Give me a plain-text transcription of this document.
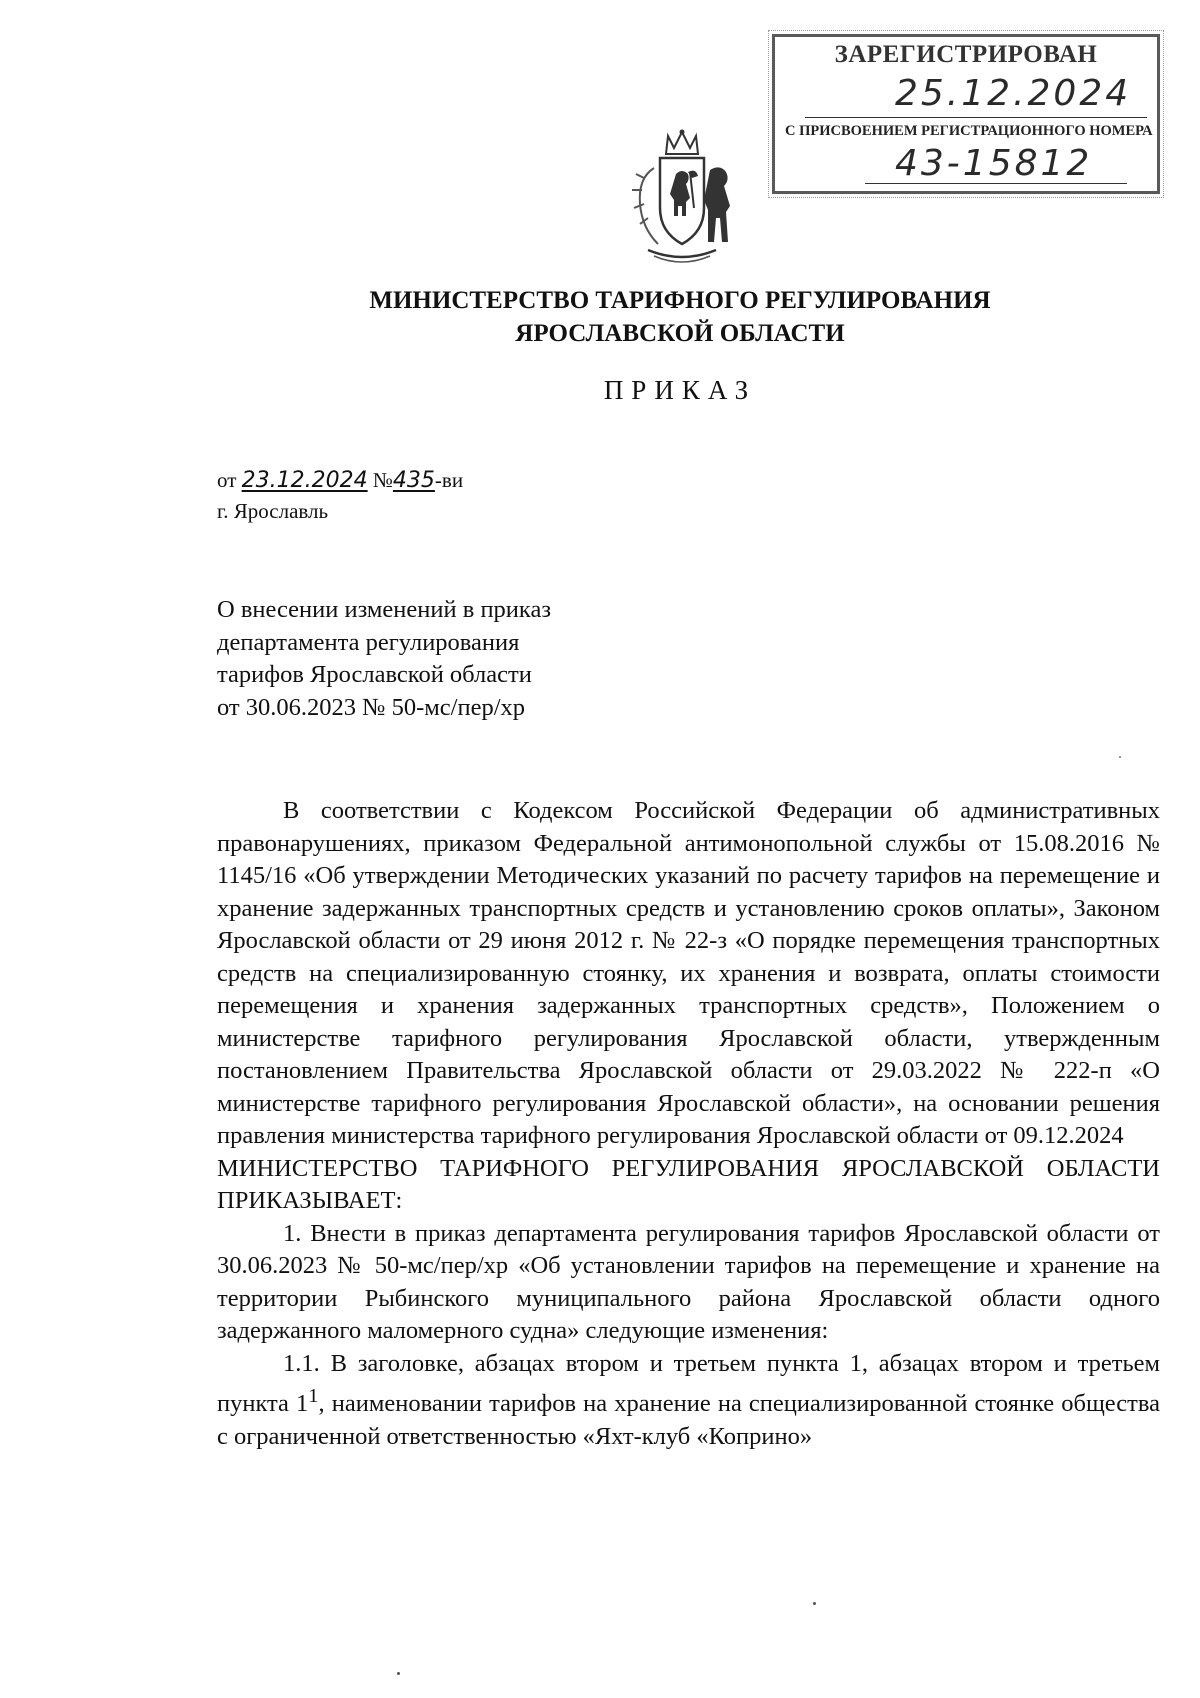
ЗАРЕГИСТРИРОВАН
25.12.2024
С ПРИСВОЕНИЕМ РЕГИСТРАЦИОННОГО НОМЕРА
43-15812
МИНИСТЕРСТВО ТАРИФНОГО РЕГУЛИРОВАНИЯ
ЯРОСЛАВСКОЙ ОБЛАСТИ
ПРИКАЗ
от 23.12.2024 №435-ви
г. Ярославль
О внесении изменений в приказ
департамента регулирования
тарифов Ярославской области
от 30.06.2023 № 50-мс/пер/хр

В соответствии с Кодексом Российской Федерации об административных правонарушениях, приказом Федеральной антимонопольной службы от 15.08.2016 № 1145/16 «Об утверждении Методических указаний по расчету тарифов на перемещение и хранение задержанных транспортных средств и установлению сроков оплаты», Законом Ярославской области от 29 июня 2012 г. № 22-з «О порядке перемещения транспортных средств на специализированную стоянку, их хранения и возврата, оплаты стоимости перемещения и хранения задержанных транспортных средств», Положением о министерстве тарифного регулирования Ярославской области, утвержденным постановлением Правительства Ярославской области от 29.03.2022 № 222-п «О министерстве тарифного регулирования Ярославской области», на основании решения правления министерства тарифного регулирования Ярославской области от 09.12.2024

МИНИСТЕРСТВО ТАРИФНОГО РЕГУЛИРОВАНИЯ ЯРОСЛАВСКОЙ ОБЛАСТИ ПРИКАЗЫВАЕТ:

1. Внести в приказ департамента регулирования тарифов Ярославской области от 30.06.2023 № 50-мс/пер/хр «Об установлении тарифов на перемещение и хранение на территории Рыбинского муниципального района Ярославской области одного задержанного маломерного судна» следующие изменения:

1.1. В заголовке, абзацах втором и третьем пункта 1, абзацах втором и третьем пункта $1^1$, наименовании тарифов на хранение на специализированной стоянке общества с ограниченной ответственностью «Яхт-клуб «Коприно»
